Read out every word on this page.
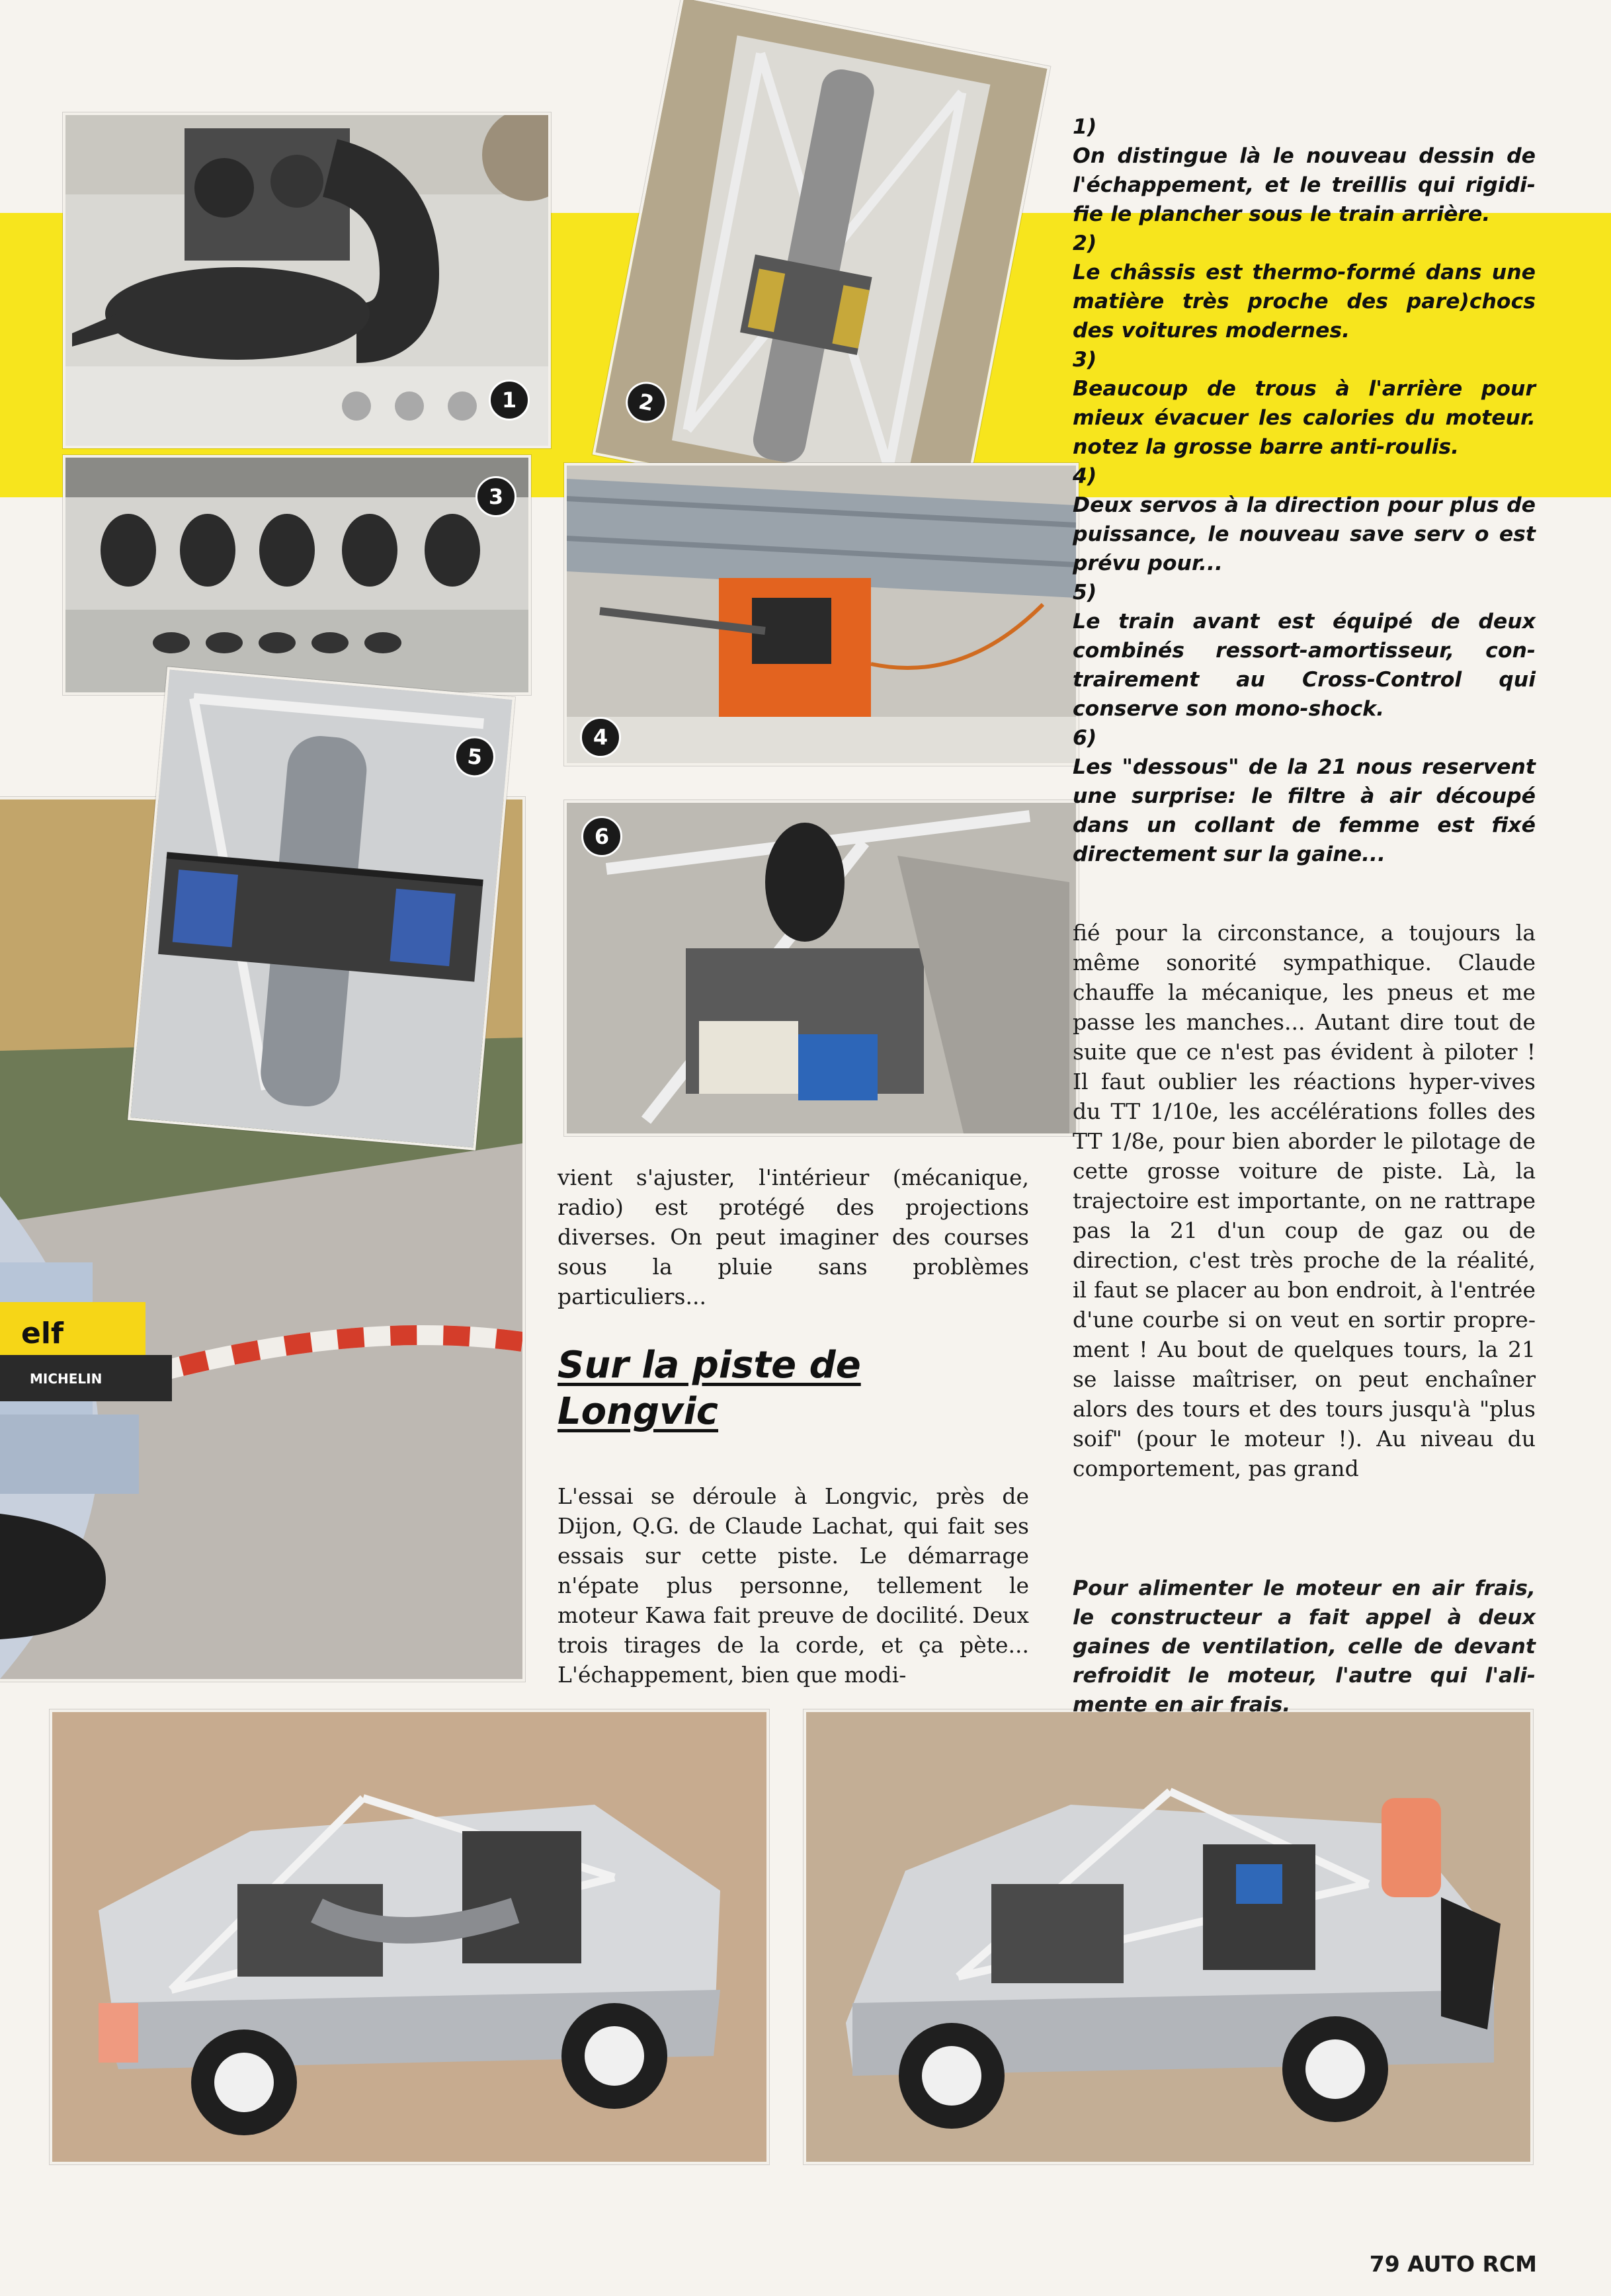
1	2
3
4
elf
MICHELIN
5
6

1)

On distingue là le nouveau dessin de l'échappement, et le treillis qui rigidifie le plancher sous le train arrière.

2)

Le châssis est thermo-formé dans une matière très proche des pare)chocs des voitures modernes.

3)

Beaucoup de trous à l'arrière pour mieux évacuer les calories du moteur. notez la grosse barre anti-roulis.

4)

Deux servos à la direction pour plus de puissance, le nouveau save serv o est prévu pour...

5)

Le train avant est équipé de deux combinés ressort-amortisseur, contrairement au Cross-Control qui conserve son mono-shock.

6)

Les "dessous" de la 21 nous reservent une surprise: le filtre à air découpé dans un collant de femme est fixé directement sur la gaine...

fié pour la circonstance, a toujours la même sonorité sympathique. Claude chauffe la mécanique, les pneus et me passe les manches... Autant dire tout de suite que ce n'est pas évident à piloter ! Il faut oublier les réactions hyper-vives du TT 1/10e, les accélérations folles des TT 1/8e, pour bien aborder le pilotage de cette grosse voiture de piste. Là, la trajectoire est importante, on ne rattrape pas la 21 d'un coup de gaz ou de direction, c'est très proche de la réalité, il faut se placer au bon endroit, à l'entrée d'une courbe si on veut en sortir proprement ! Au bout de quelques tours, la 21 se laisse maîtriser, on peut enchaîner alors des tours et des tours jusqu'à "plus soif" (pour le moteur !). Au niveau du comportement, pas grand

vient s'ajuster, l'intérieur (mécanique, radio) est protégé des projections diverses. On peut imaginer des courses sous la pluie sans problèmes particuliers...

Sur la piste de
Longvic

L'essai se déroule à Longvic, près de Dijon, Q.G. de Claude Lachat, qui fait ses essais sur cette piste. Le démarrage n'épate plus personne, tellement le moteur Kawa fait preuve de docilité. Deux trois tirages de la corde, et ça pète... L'échappement, bien que modi-

Pour alimenter le moteur en air frais, le constructeur a fait appel à deux gaines de ventilation, celle de devant refroidit le moteur, l'autre qui l'alimente en air frais.
79 AUTO RCM
